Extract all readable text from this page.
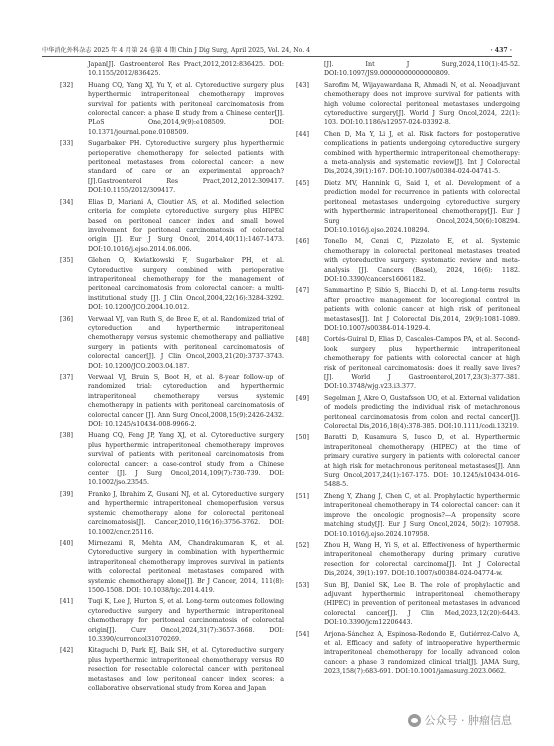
中华消化外科杂志 2025 年 4 月第 24 卷第 4 期 Chin J Dig Surg, April 2025, Vol. 24, No. 4	· 437 ·
Japan[J]. Gastroenterol Res Pract,2012,2012:836425. DOI: 10.1155/2012/836425.
[32]	Huang CQ, Yang XJ, Yu Y, et al. Cytoreductive surgery plus hyperthermic intraperitoneal chemotherapy improves survival for patients with peritoneal carcinomatosis from colorectal cancer: a phase Ⅱ study from a Chinese center[J]. PLoS One,2014,9(9):e108509. DOI: 10.1371/journal.pone.0108509.
[33]	Sugarbaker PH. Cytoreductive surgery plus hyperthermic perioperative chemotherapy for selected patients with peritoneal metastases from colorectal cancer: a new standard of care or an experimental approach?[J].Gastroenterol Res Pract,2012,2012:309417. DOI:10.1155/2012/309417.
[34]	Elias D, Mariani A, Cloutier AS, et al. Modified selection criteria for complete cytoreductive surgery plus HIPEC based on peritoneal cancer index and small bowel involvement for peritoneal carcinomatosis of colorectal origin [J]. Eur J Surg Oncol, 2014,40(11):1467-1473. DOI:10.1016/j.ejso.2014.06.006.
[35]	Glehen O, Kwiatkowski F, Sugarbaker PH, et al. Cytoreductive surgery combined with perioperative intraperitoneal chemotherapy for the management of peritoneal carcinomatosis from colorectal cancer: a multi-institutional study [J]. J Clin Oncol,2004,22(16):3284-3292. DOI: 10.1200/JCO.2004.10.012.
[36]	Verwaal VJ, van Ruth S, de Bree E, et al. Randomized trial of cytoreduction and hyperthermic intraperitoneal chemotherapy versus systemic chemotherapy and palliative surgery in patients with peritoneal carcinomatosis of colorectal cancer[J]. J Clin Oncol,2003,21(20):3737-3743. DOI: 10.1200/JCO.2003.04.187.
[37]	Verwaal VJ, Bruin S, Boot H, et al. 8-year follow-up of randomized trial: cytoreduction and hyperthermic intraperitoneal chemotherapy versus systemic chemotherapy in patients with peritoneal carcinomatosis of colorectal cancer [J]. Ann Surg Oncol,2008,15(9):2426-2432. DOI: 10.1245/s10434-008-9966-2.
[38]	Huang CQ, Feng JP, Yang XJ, et al. Cytoreductive surgery plus hyperthermic intraperitoneal chemotherapy improves survival of patients with peritoneal carcinomatosis from colorectal cancer: a case-control study from a Chinese center [J]. J Surg Oncol,2014,109(7):730-739. DOI: 10.1002/jso.23545.
[39]	Franko J, Ibrahim Z, Gusani NJ, et al. Cytoreductive surgery and hyperthermic intraperitoneal chemoperfusion versus systemic chemotherapy alone for colorectal peritoneal carcinomatosis[J]. Cancer,2010,116(16):3756-3762. DOI: 10.1002/cncr.25116.
[40]	Mirnezami R, Mehta AM, Chandrakumaran K, et al. Cytoreductive surgery in combination with hyperthermic intraperitoneal chemotherapy improves survival in patients with colorectal peritoneal metastases compared with systemic chemotherapy alone[J]. Br J Cancer, 2014, 111(8): 1500-1508. DOI: 10.1038/bjc.2014.419.
[41]	Tuqi K, Lee J, Hurton S, et al. Long-term outcomes following cytoreductive surgery and hyperthermic intraperitoneal chemotherapy for peritoneal carcinomatosis of colorectal origin[J]. Curr Oncol,2024,31(7):3657-3668. DOI: 10.3390/curroncol31070269.
[42]	Kitaguchi D, Park EJ, Baik SH, et al. Cytoreductive surgery plus hyperthermic intraperitoneal chemotherapy versus R0 resection for resectable colorectal cancer with peritoneal metastases and low peritoneal cancer index scores: a collaborative observational study from Korea and Japan
[J]. Int J Surg,2024,110(1):45-52. DOI:10.1097/JS9.00000000000000809.
[43]	Sarofim M, Wijayawardana R, Ahmadi N, et al. Neoadjuvant chemotherapy does not improve survival for patients with high volume colorectal peritoneal metastases undergoing cytoreductive surgery[J]. World J Surg Oncol,2024, 22(1): 103. DOI:10.1186/s12957-024-03392-8.
[44]	Chen D, Ma Y, Li J, et al. Risk factors for postoperative complications in patients undergoing cytoreductive surgery combined with hyperthermic intraperitoneal chemotherapy: a meta-analysis and systematic review[J]. Int J Colorectal Dis,2024,39(1):167. DOI:10.1007/s00384-024-04741-5.
[45]	Dietz MV, Hannink G, Said I, et al. Development of a prediction model for recurrence in patients with colorectal peritoneal metastases undergoing cytoreductive surgery with hyperthermic intraperitoneal chemotherapy[J]. Eur J Surg Oncol,2024,50(6):108294. DOI:10.1016/j.ejso.2024.108294.
[46]	Tonello M, Cenzi C, Pizzolato E, et al. Systemic chemotherapy in colorectal peritoneal metastases treated with cytoreductive surgery: systematic review and meta-analysis [J]. Cancers (Basel), 2024, 16(6): 1182. DOI:10.3390/cancers16061182.
[47]	Sammartino P, Sibio S, Biacchi D, et al. Long-term results after proactive management for locoregional control in patients with colonic cancer at high risk of peritoneal metastases[J]. Int J Colorectal Dis,2014, 29(9):1081-1089. DOI:10.1007/s00384-014-1929-4.
[48]	Cortés-Guiral D, Elias D, Cascales-Campos PA, et al. Second-look surgery plus hyperthermic intraperitoneal chemotherapy for patients with colorectal cancer at high risk of peritoneal carcinomatosis: does it really save lives?[J]. World J Gastroenterol,2017,23(3):377-381. DOI:10.3748/wjg.v23.i3.377.
[49]	Segelman J, Akre O, Gustafsson UO, et al. External validation of models predicting the individual risk of metachronous peritoneal carcinomatosis from colon and rectal cancer[J]. Colorectal Dis,2016,18(4):378-385. DOI:10.1111/codi.13219.
[50]	Baratti D, Kusamura S, Iusco D, et al. Hyperthermic intraperitoneal chemotherapy (HIPEC) at the time of primary curative surgery in patients with colorectal cancer at high risk for metachronous peritoneal metastases[J]. Ann Surg Oncol,2017,24(1):167-175. DOI: 10.1245/s10434-016-5488-5.
[51]	Zheng Y, Zhang J, Chen C, et al. Prophylactic hyperthermic intraperitoneal chemotherapy in T4 colorectal cancer: can it improve the oncologic prognosis?—A propensity score matching study[J]. Eur J Surg Oncol,2024, 50(2): 107958. DOI:10.1016/j.ejso.2024.107958.
[52]	Zhou H, Wang H, Yi S, et al. Effectiveness of hyperthermic intraperitoneal chemotherapy during primary curative resection for colorectal carcinoma[J]. Int J Colorectal Dis,2024, 39(1):197. DOI:10.1007/s00384-024-04774-w.
[53]	Sun BJ, Daniel SK, Lee B. The role of prophylactic and adjuvant hyperthermic intraperitoneal chemotherapy (HIPEC) in prevention of peritoneal metastases in advanced colorectal cancer[J]. J Clin Med,2023,12(20):6443. DOI:10.3390/jcm12206443.
[54]	Arjona-Sánchez A, Espinosa-Redondo E, Gutiérrez-Calvo A, et al. Efficacy and safety of intraoperative hyperthermic intraperitoneal chemotherapy for locally advanced colon cancer: a phase 3 randomized clinical trial[J]. JAMA Surg, 2023,158(7):683-691. DOI:10.1001/jamasurg.2023.0662.
公众号 · 肿瘤信息
